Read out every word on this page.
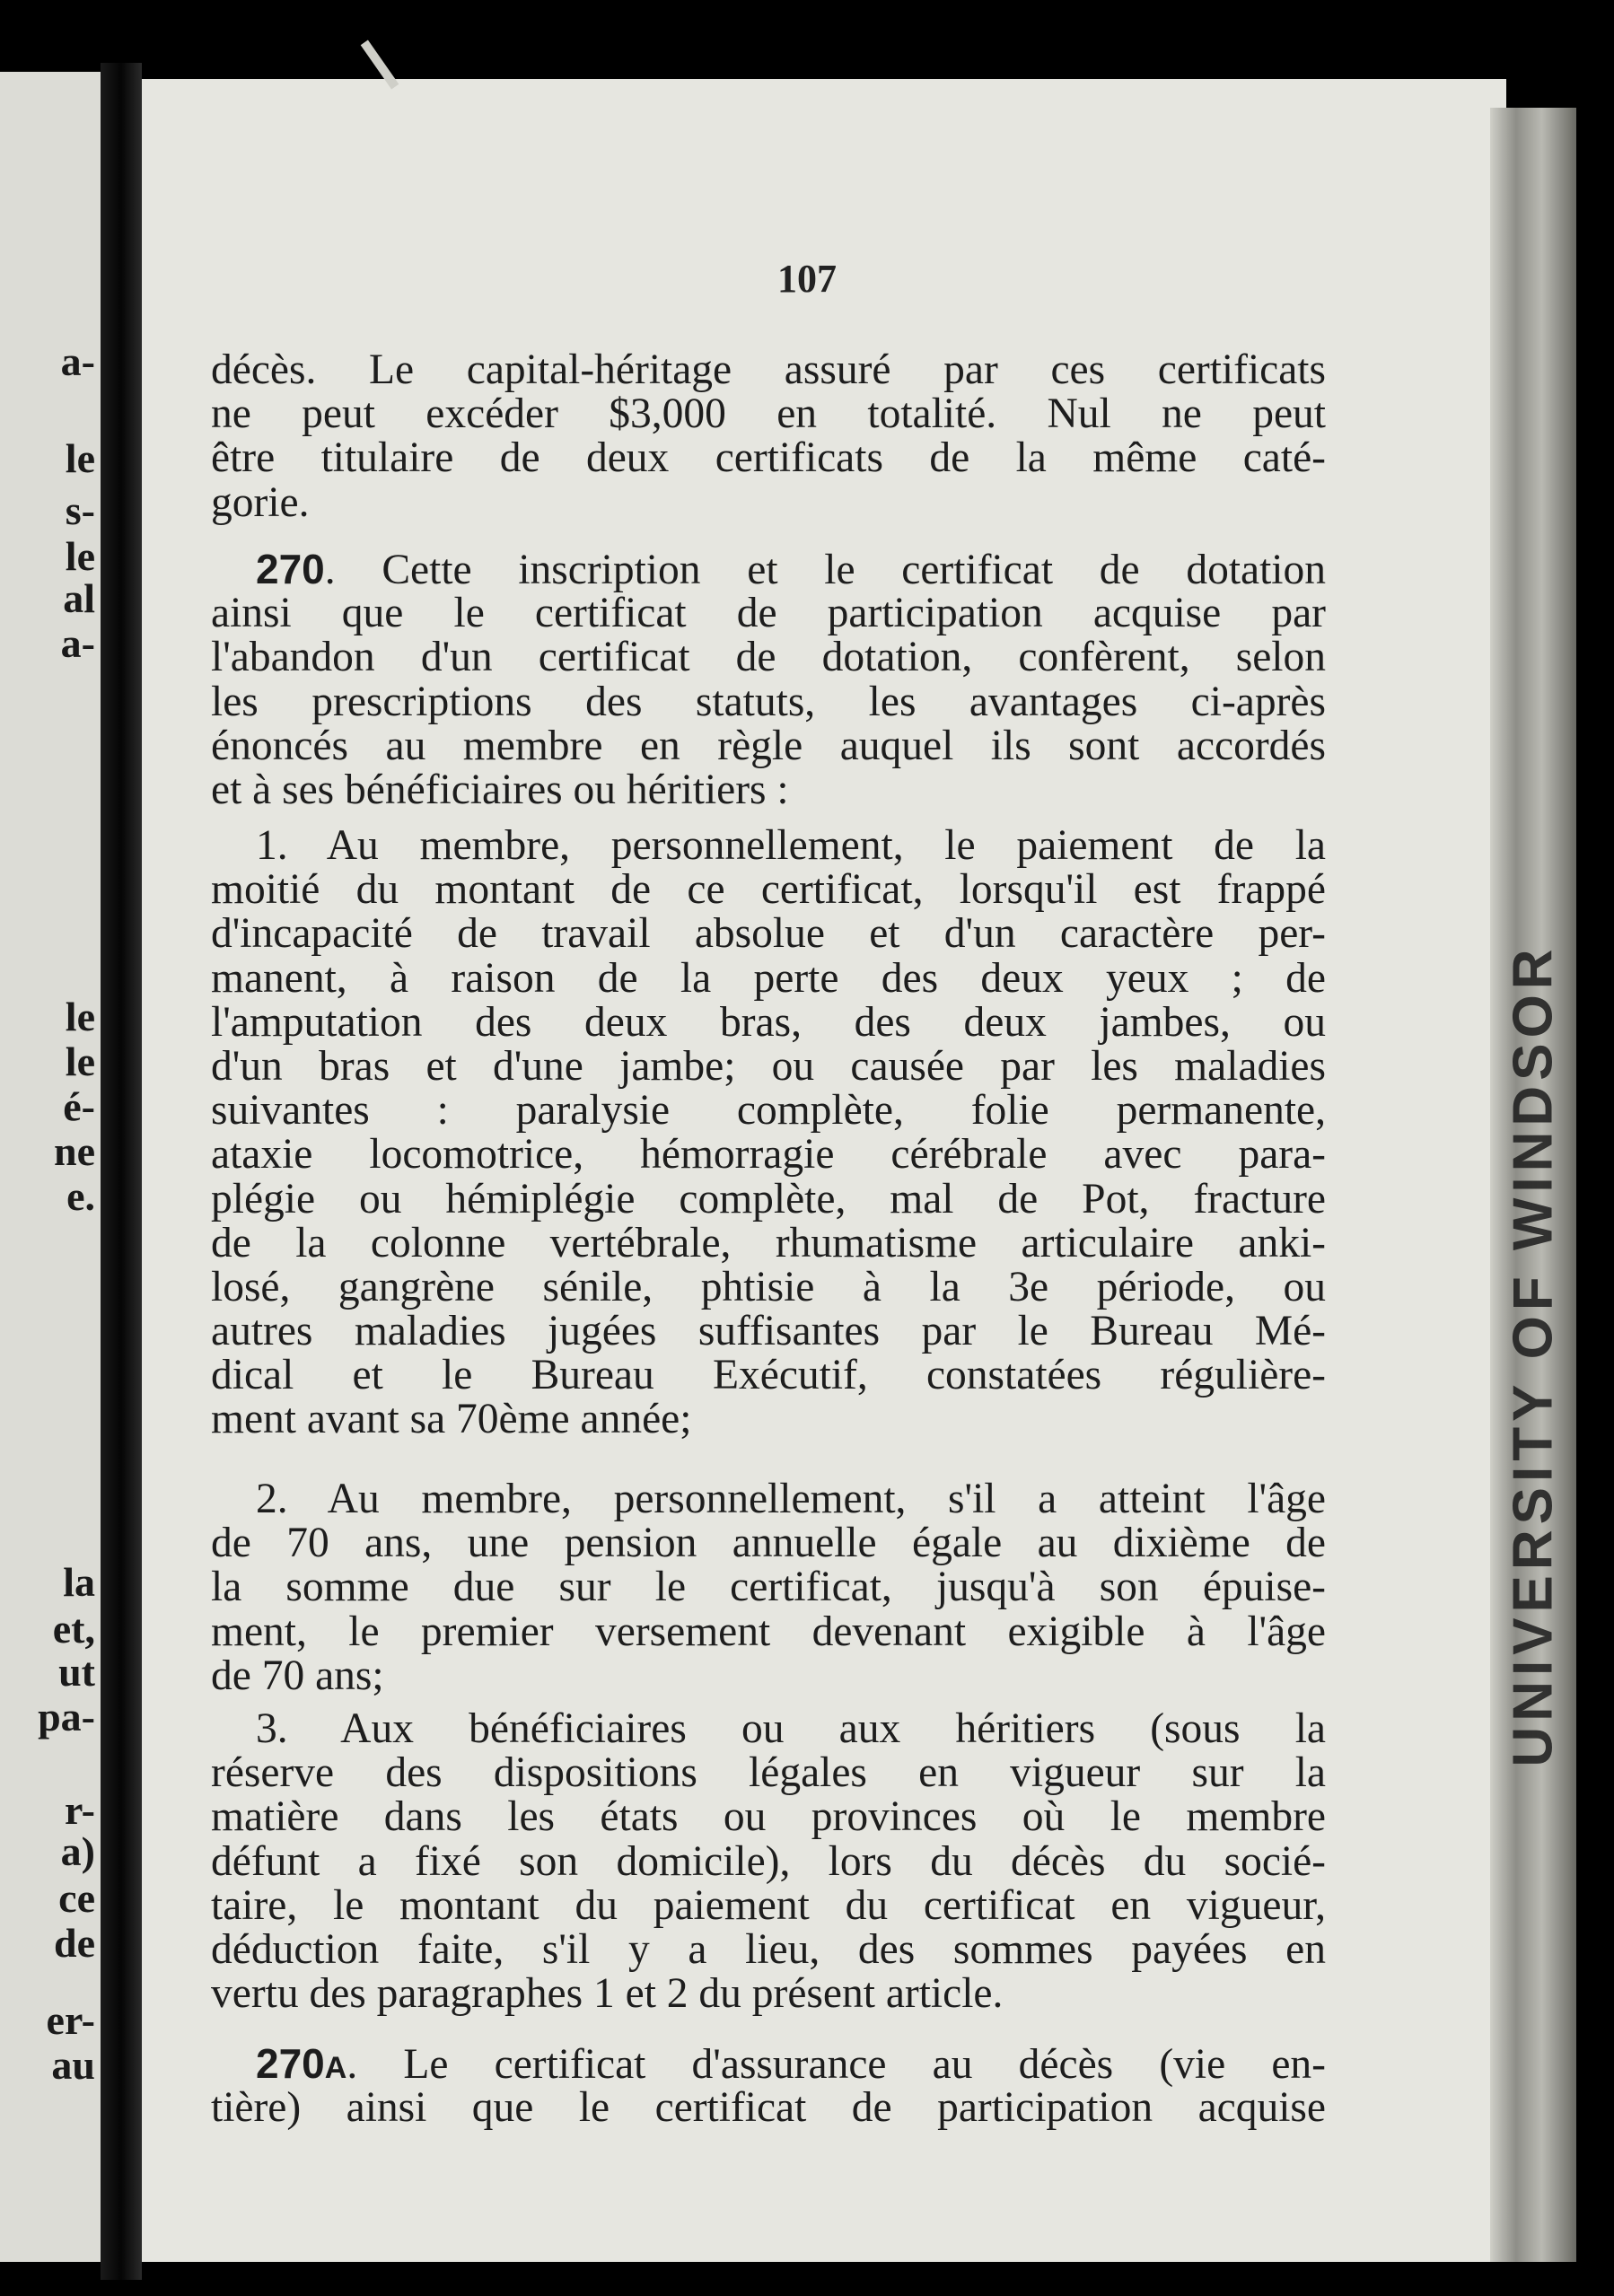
a-
le
s-
le
al
a-
le
le
é-
ne
e.
la
et,
ut
pa-
r-
a)
ce
de
er-
au
UNIVERSITY OF WINDSOR
107
décès. Le capital-héritage assuré par ces certificats
ne peut excéder $3,000 en totalité. Nul ne peut
être titulaire de deux certificats de la même caté-
gorie.
270. Cette inscription et le certificat de dotation
ainsi que le certificat de participation acquise par
l'abandon d'un certificat de dotation, confèrent, selon
les prescriptions des statuts, les avantages ci-après
énoncés au membre en règle auquel ils sont accordés
et à ses bénéficiaires ou héritiers :
1. Au membre, personnellement, le paiement de la
moitié du montant de ce certificat, lorsqu'il est frappé
d'incapacité de travail absolue et d'un caractère per-
manent, à raison de la perte des deux yeux ; de
l'amputation des deux bras, des deux jambes, ou
d'un bras et d'une jambe; ou causée par les maladies
suivantes : paralysie complète, folie permanente,
ataxie locomotrice, hémorragie cérébrale avec para-
plégie ou hémiplégie complète, mal de Pot, fracture
de la colonne vertébrale, rhumatisme articulaire anki-
losé, gangrène sénile, phtisie à la 3e période, ou
autres maladies jugées suffisantes par le Bureau Mé-
dical et le Bureau Exécutif, constatées régulière-
ment avant sa 70ème année;
2. Au membre, personnellement, s'il a atteint l'âge
de 70 ans, une pension annuelle égale au dixième de
la somme due sur le certificat, jusqu'à son épuise-
ment, le premier versement devenant exigible à l'âge
de 70 ans;
3. Aux bénéficiaires ou aux héritiers (sous la
réserve des dispositions légales en vigueur sur la
matière dans les états ou provinces où le membre
défunt a fixé son domicile), lors du décès du socié-
taire, le montant du paiement du certificat en vigueur,
déduction faite, s'il y a lieu, des sommes payées en
vertu des paragraphes 1 et 2 du présent article.
270A. Le certificat d'assurance au décès (vie en-
tière) ainsi que le certificat de participation acquise
